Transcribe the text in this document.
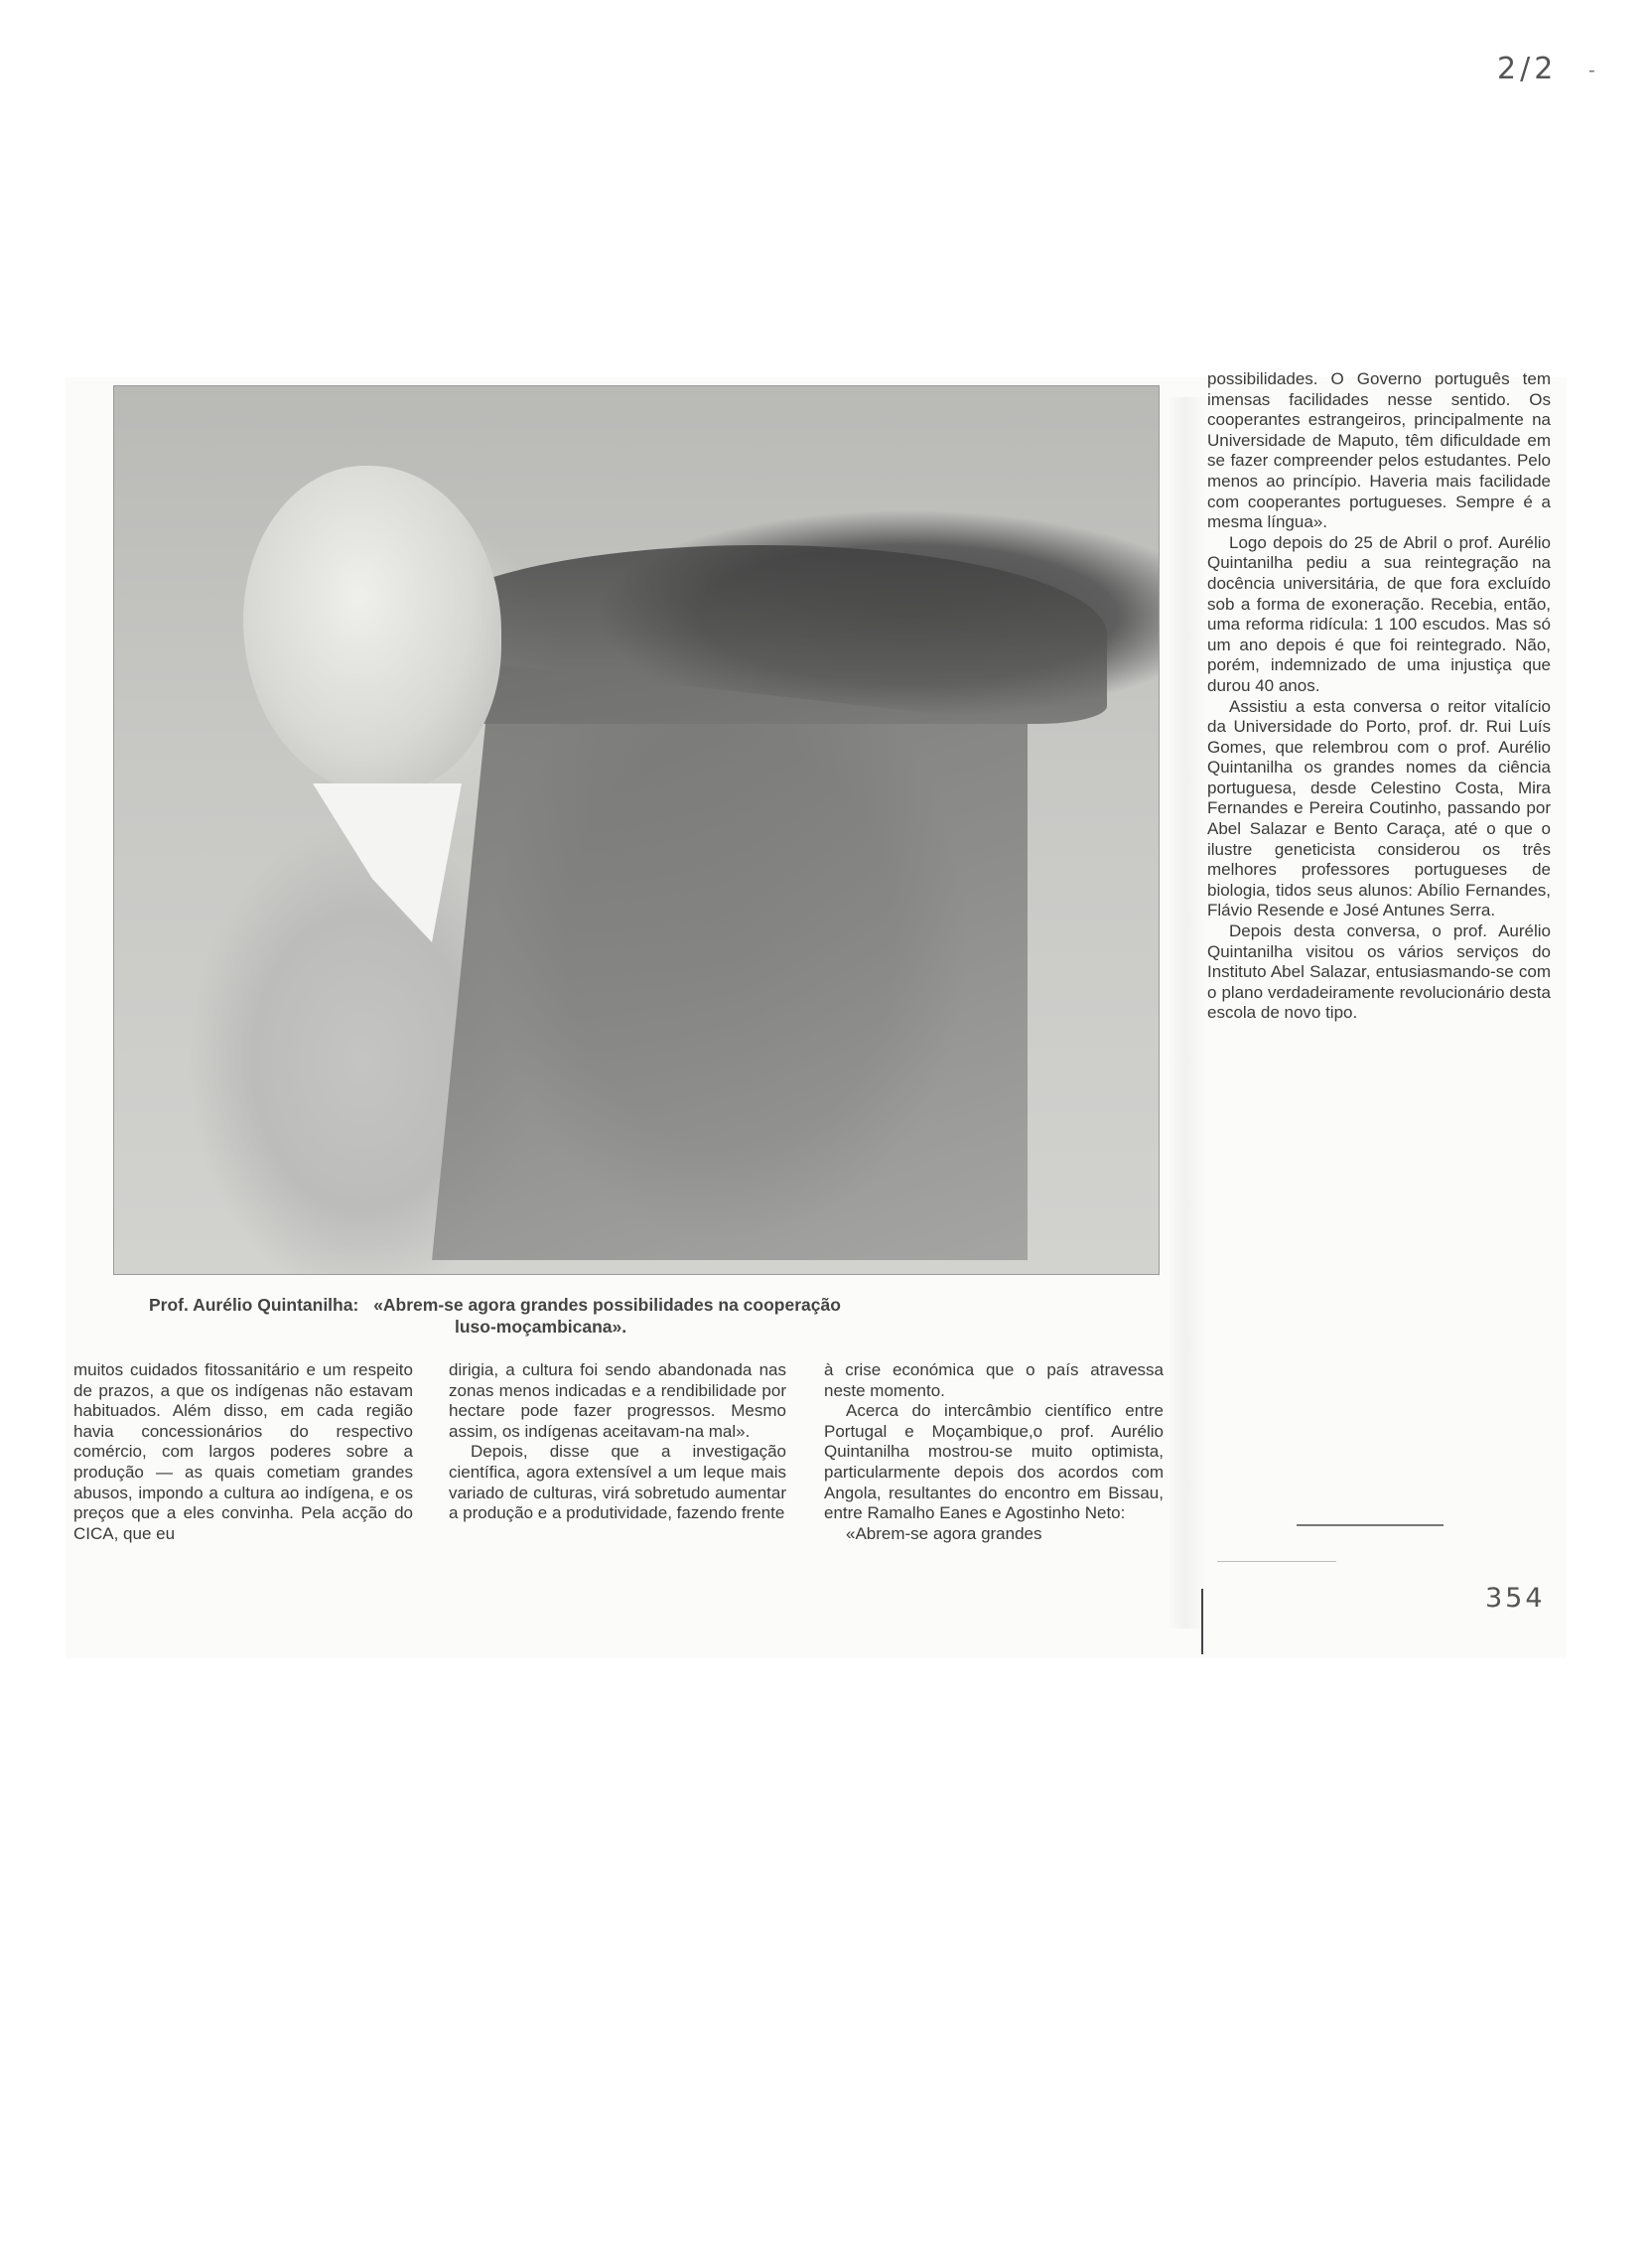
2/2 -
Prof. Aurélio Quintanilha: «Abrem-se agora grandes possibilidades na cooperação
luso-moçambicana».

muitos cuidados fitossanitário e um respeito de prazos, a que os indígenas não estavam habituados. Além disso, em cada região havia concessionários do respectivo comércio, com largos poderes sobre a produção — as quais cometiam grandes abusos, impondo a cultura ao indígena, e os preços que a eles convinha. Pela acção do CICA, que eu

dirigia, a cultura foi sendo abandonada nas zonas menos indicadas e a rendibilidade por hectare pode fazer progressos. Mesmo assim, os indígenas aceitavam-na mal».

Depois, disse que a investigação científica, agora extensível a um leque mais variado de culturas, virá sobretudo aumentar a produção e a produtividade, fazendo frente

à crise económica que o país atravessa neste momento.

Acerca do intercâmbio científico entre Portugal e Moçambique,o prof. Aurélio Quintanilha mostrou-se muito optimista, particularmente depois dos acordos com Angola, resultantes do encontro em Bissau, entre Ramalho Eanes e Agostinho Neto:

«Abrem-se agora grandes

possibilidades. O Governo português tem imensas facilidades nesse sentido. Os cooperantes estrangeiros, principalmente na Universidade de Maputo, têm dificuldade em se fazer compreender pelos estudantes. Pelo menos ao princípio. Haveria mais facilidade com cooperantes portugueses. Sempre é a mesma língua».

Logo depois do 25 de Abril o prof. Aurélio Quintanilha pediu a sua reintegração na docência universitária, de que fora excluído sob a forma de exoneração. Recebia, então, uma reforma ridícula: 1 100 escudos. Mas só um ano depois é que foi reintegrado. Não, porém, indemnizado de uma injustiça que durou 40 anos.

Assistiu a esta conversa o reitor vitalício da Universidade do Porto, prof. dr. Rui Luís Gomes, que relembrou com o prof. Aurélio Quintanilha os grandes nomes da ciência portuguesa, desde Celestino Costa, Mira Fernandes e Pereira Coutinho, passando por Abel Salazar e Bento Caraça, até o que o ilustre geneticista considerou os três melhores professores portugueses de biologia, tidos seus alunos: Abílio Fernandes, Flávio Resende e José Antunes Serra.

Depois desta conversa, o prof. Aurélio Quintanilha visitou os vários serviços do Instituto Abel Salazar, entusiasmando-se com o plano verdadeiramente revolucionário desta escola de novo tipo.

354
